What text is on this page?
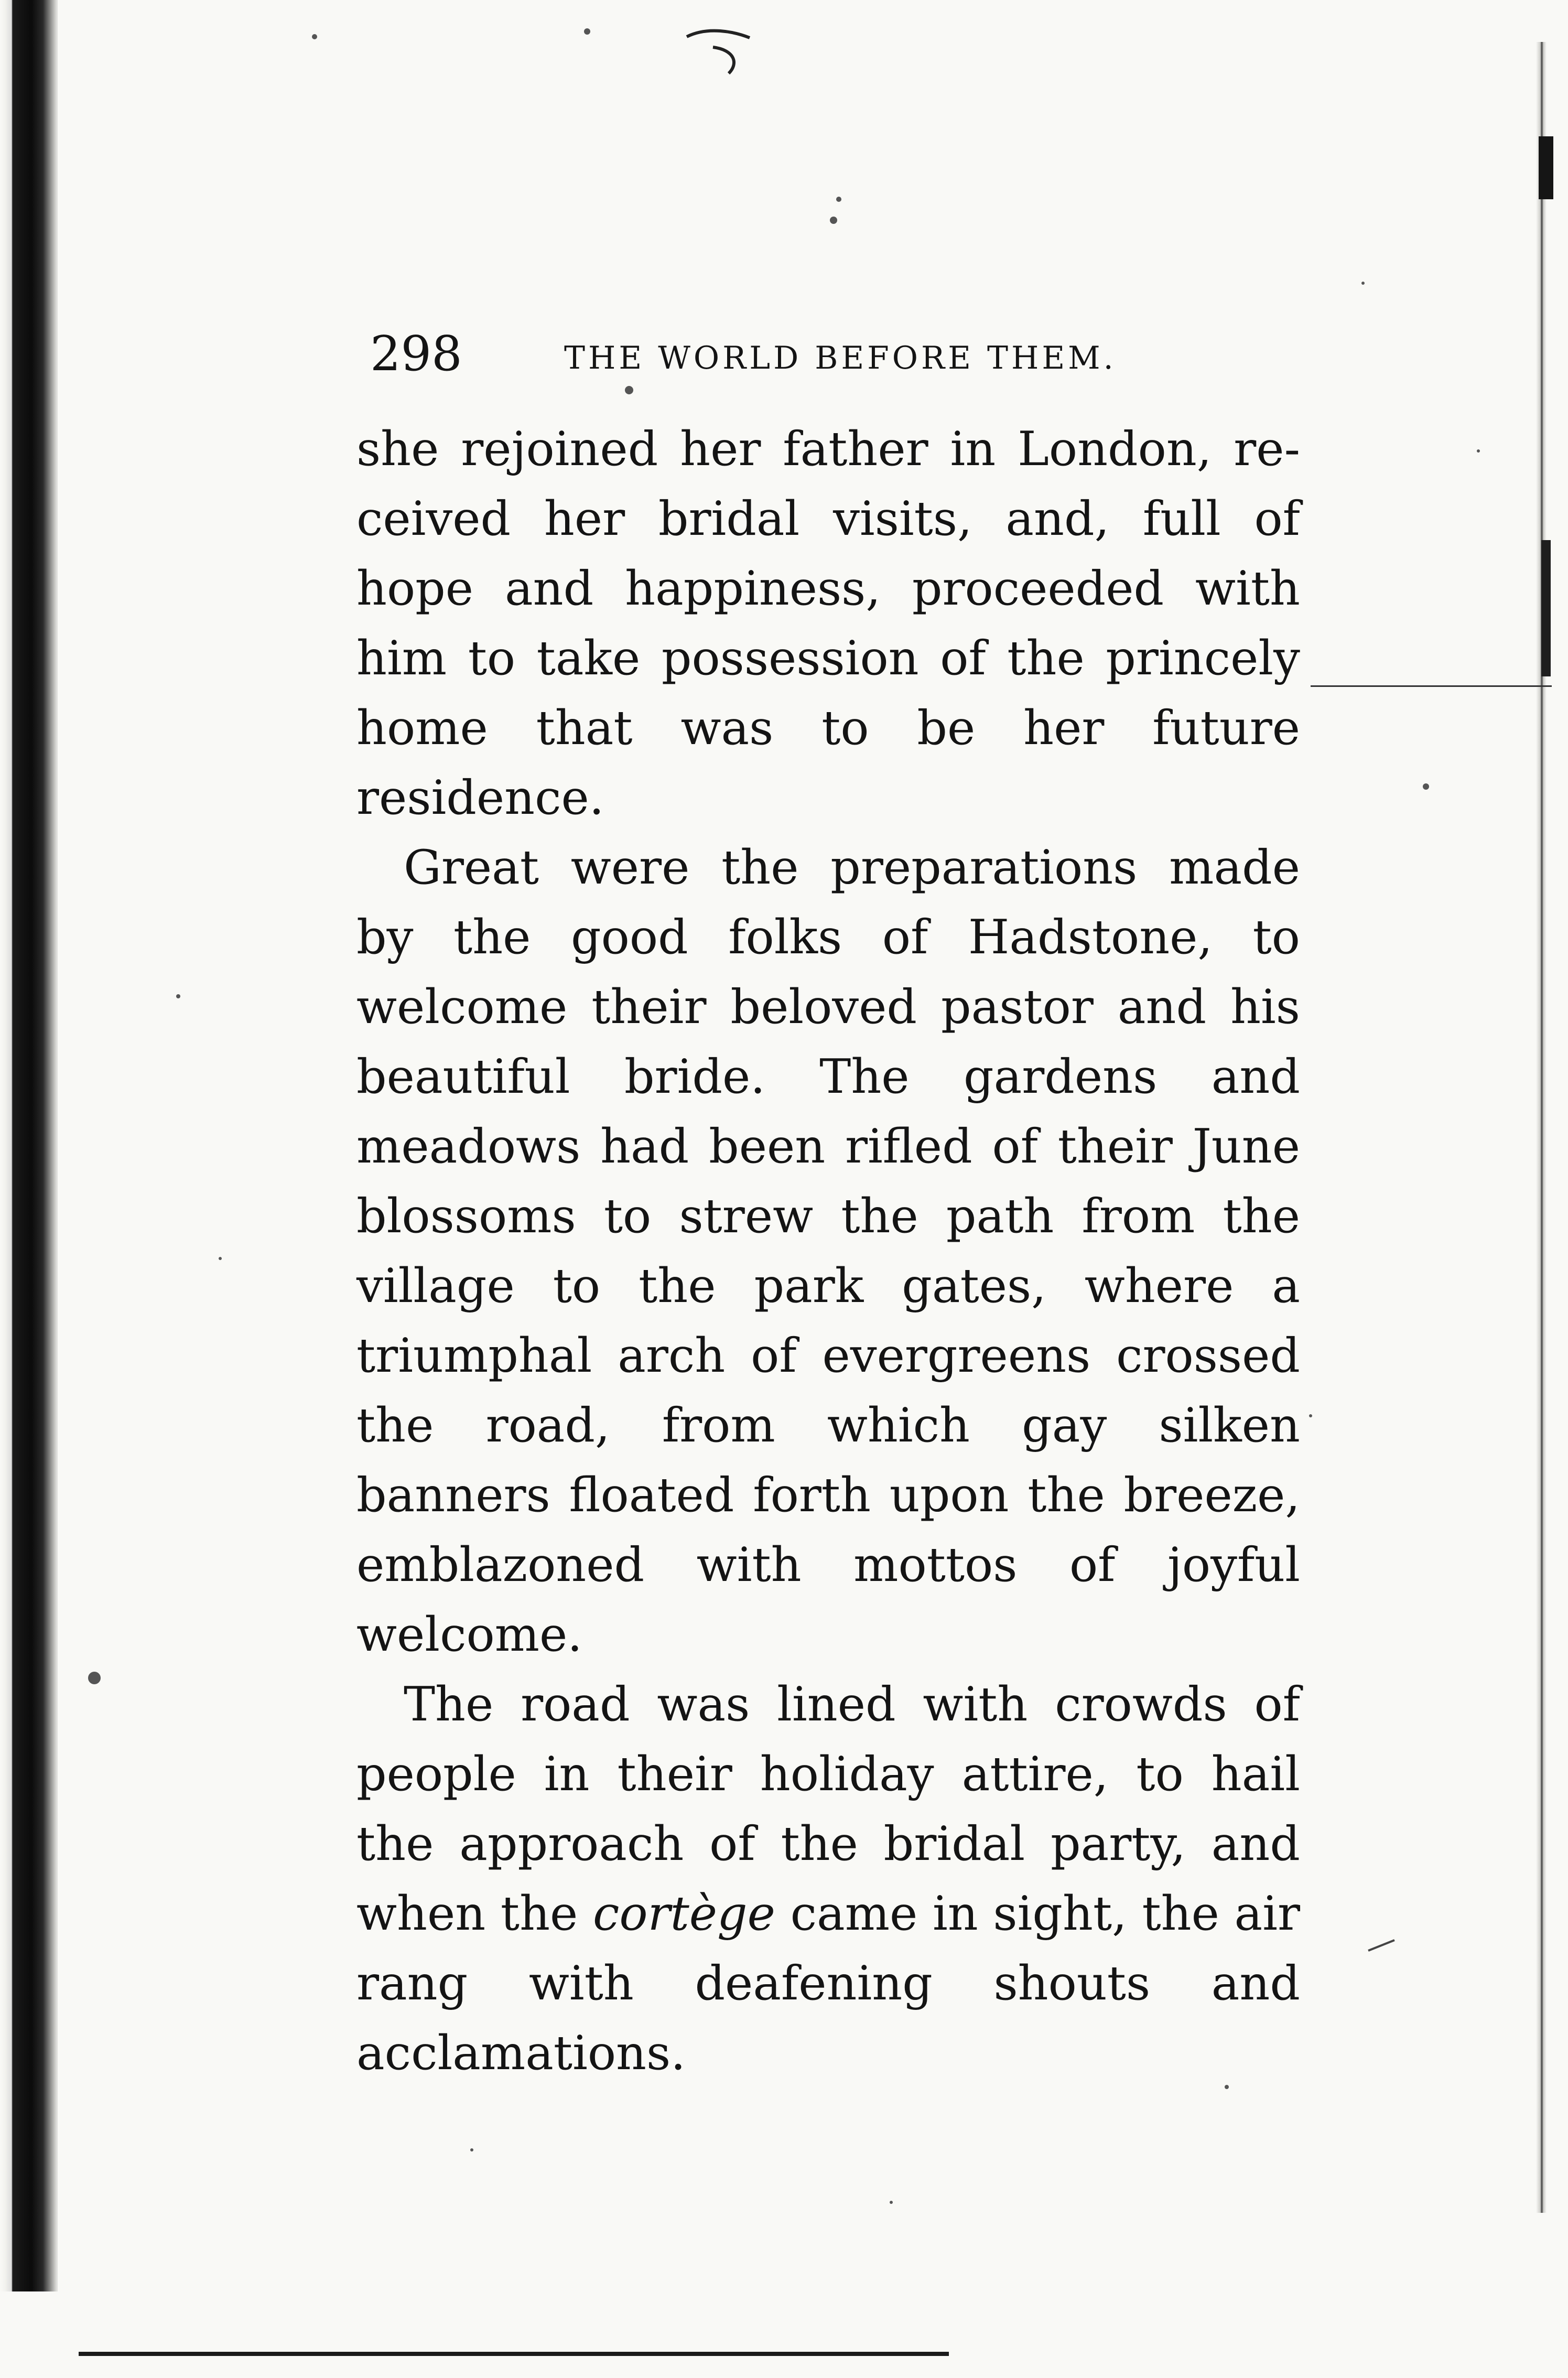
298	THE WORLD BEFORE THEM.

she rejoined her father in London, received her bridal visits, and, full of hope and happiness, proceeded with him to take possession of the princely home that was to be her future residence.

Great were the preparations made by the good folks of Hadstone, to welcome their beloved pastor and his beautiful bride. The gardens and meadows had been rifled of their June blossoms to strew the path from the village to the park gates, where a triumphal arch of evergreens crossed the road, from which gay silken banners floated forth upon the breeze, emblazoned with mottos of joyful welcome.

The road was lined with crowds of people in their holiday attire, to hail the approach of the bridal party, and when the cortège came in sight, the air rang with deafening shouts and acclamations.
